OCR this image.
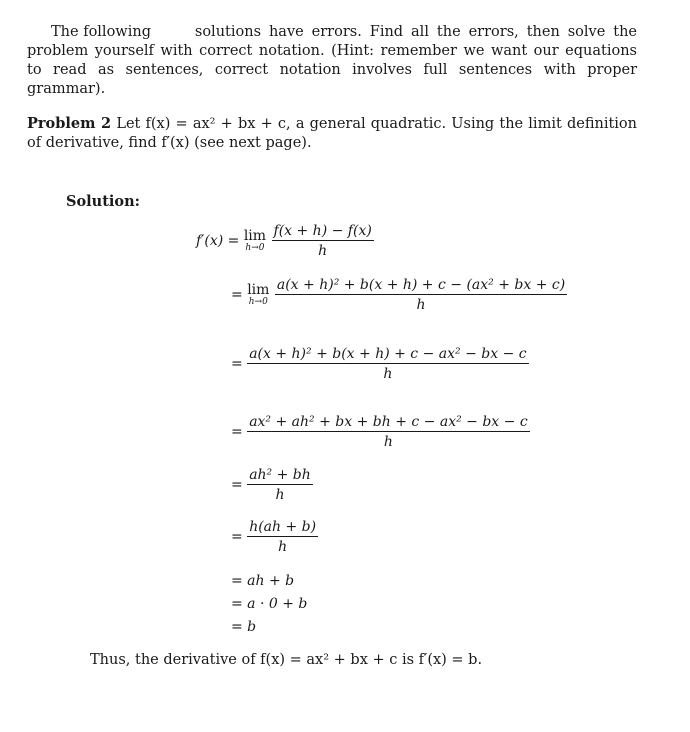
The following	solutions have errors. Find all the errors, then solve the problem yourself with correct notation. (Hint: remember we want our equations to read as sentences, correct notation involves full sentences with proper grammar).
Problem 2 Let f(x) = ax² + bx + c, a general quadratic. Using the limit definition of derivative, find f′(x) (see next page).
Solution:
f′(x) = lim
h→0
$\frac{f(x + h) - f(x)}{h}$
= lim
h→0
$\frac{\text{a(x + h)² + b(x + h) + c − (ax² + bx + c)}}{h}$
= $\frac{\text{a(x + h)² + b(x + h) + c − ax² − bx − c}}{h}$
= $\frac{\text{ax² + ah² + bx + bh + c − ax² − bx − c}}{h}$
= $\frac{\text{ah² + bh}}{h}$
= $\frac{h(ah + b)}{h}$
= ah + b
= a · 0 + b
= b
Thus, the derivative of f(x) = ax² + bx + c is f′(x) = b.
